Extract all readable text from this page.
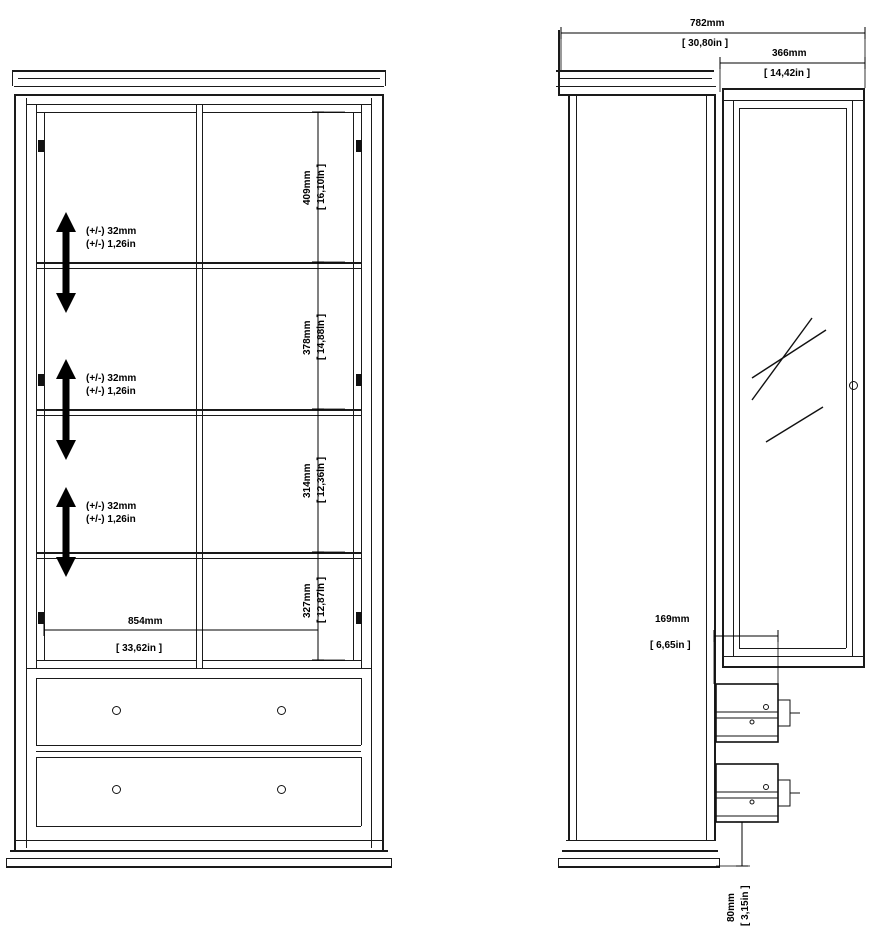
(+/-) 32mm
(+/-) 1,26in
(+/-) 32mm
(+/-) 1,26in
(+/-) 32mm
(+/-) 1,26in
409mm [ 16,10in ]
378mm [ 14,88in ]
314mm [ 12,36in ]
327mm [ 12,87in ]
854mm
[ 33,62in ]
782mm
[ 30,80in ]
366mm
[ 14,42in ]
169mm
[ 6,65in ]
80mm [ 3,15in ]
